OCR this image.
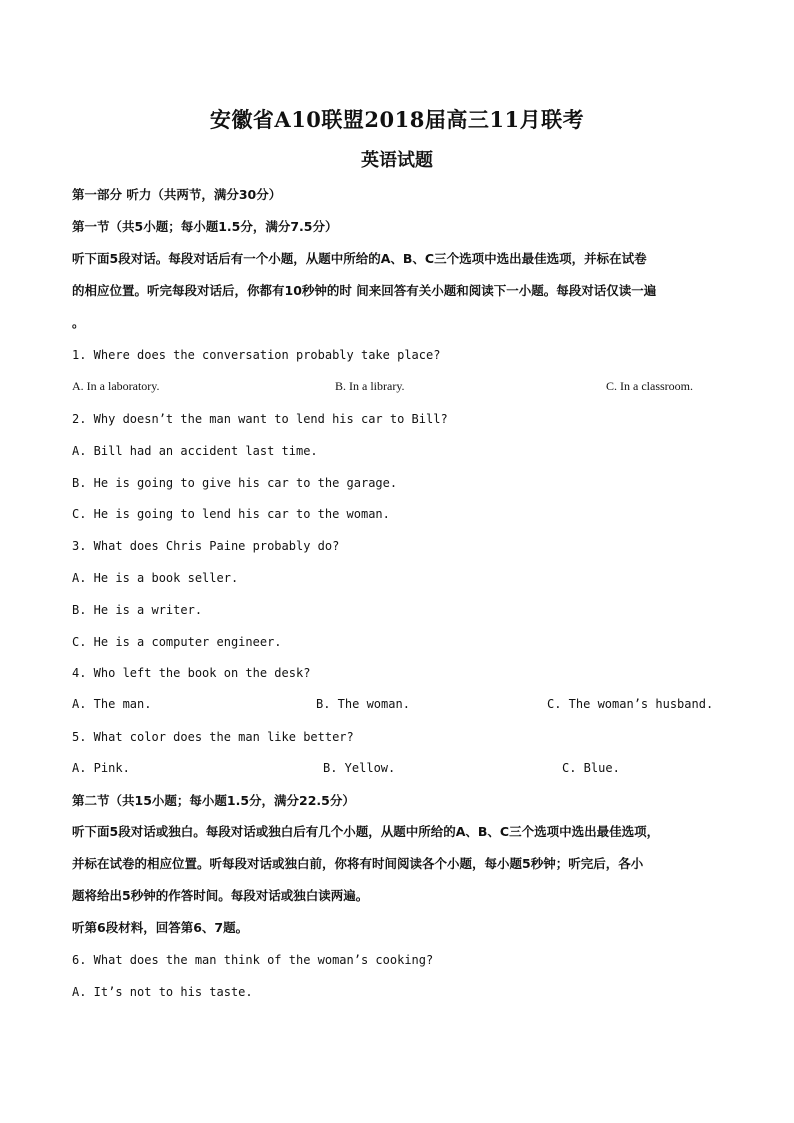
安徽省A10联盟2018届高三11月联考
英语试题
第一部分 听力（共两节，满分30分）
第一节（共5小题；每小题1.5分，满分7.5分）
听下面5段对话。每段对话后有一个小题，从题中所给的A、B、C三个选项中选出最佳选项，并标在试卷
的相应位置。听完每段对话后，你都有10秒钟的时 间来回答有关小题和阅读下一小题。每段对话仅读一遍
。
1. Where does the conversation probably take place?
A. In a laboratory.	B. In a library.	C. In a classroom.
2. Why doesn’t the man want to lend his car to Bill?
A. Bill had an accident last time.
B. He is going to give his car to the garage.
C. He is going to lend his car to the woman.
3. What does Chris Paine probably do?
A. He is a book seller.
B. He is a writer.
C. He is a computer engineer.
4. Who left the book on the desk?
A. The man.	B. The woman.	C. The woman’s husband.
5. What color does the man like better?
A. Pink.	B. Yellow.	C. Blue.
第二节（共15小题；每小题1.5分，满分22.5分）
听下面5段对话或独白。每段对话或独白后有几个小题，从题中所给的A、B、C三个选项中选出最佳选项，
并标在试卷的相应位置。听每段对话或独白前，你将有时间阅读各个小题，每小题5秒钟；听完后，各小
题将给出5秒钟的作答时间。每段对话或独白读两遍。
听第6段材料，回答第6、7题。
6. What does the man think of the woman’s cooking?
A. It’s not to his taste.
